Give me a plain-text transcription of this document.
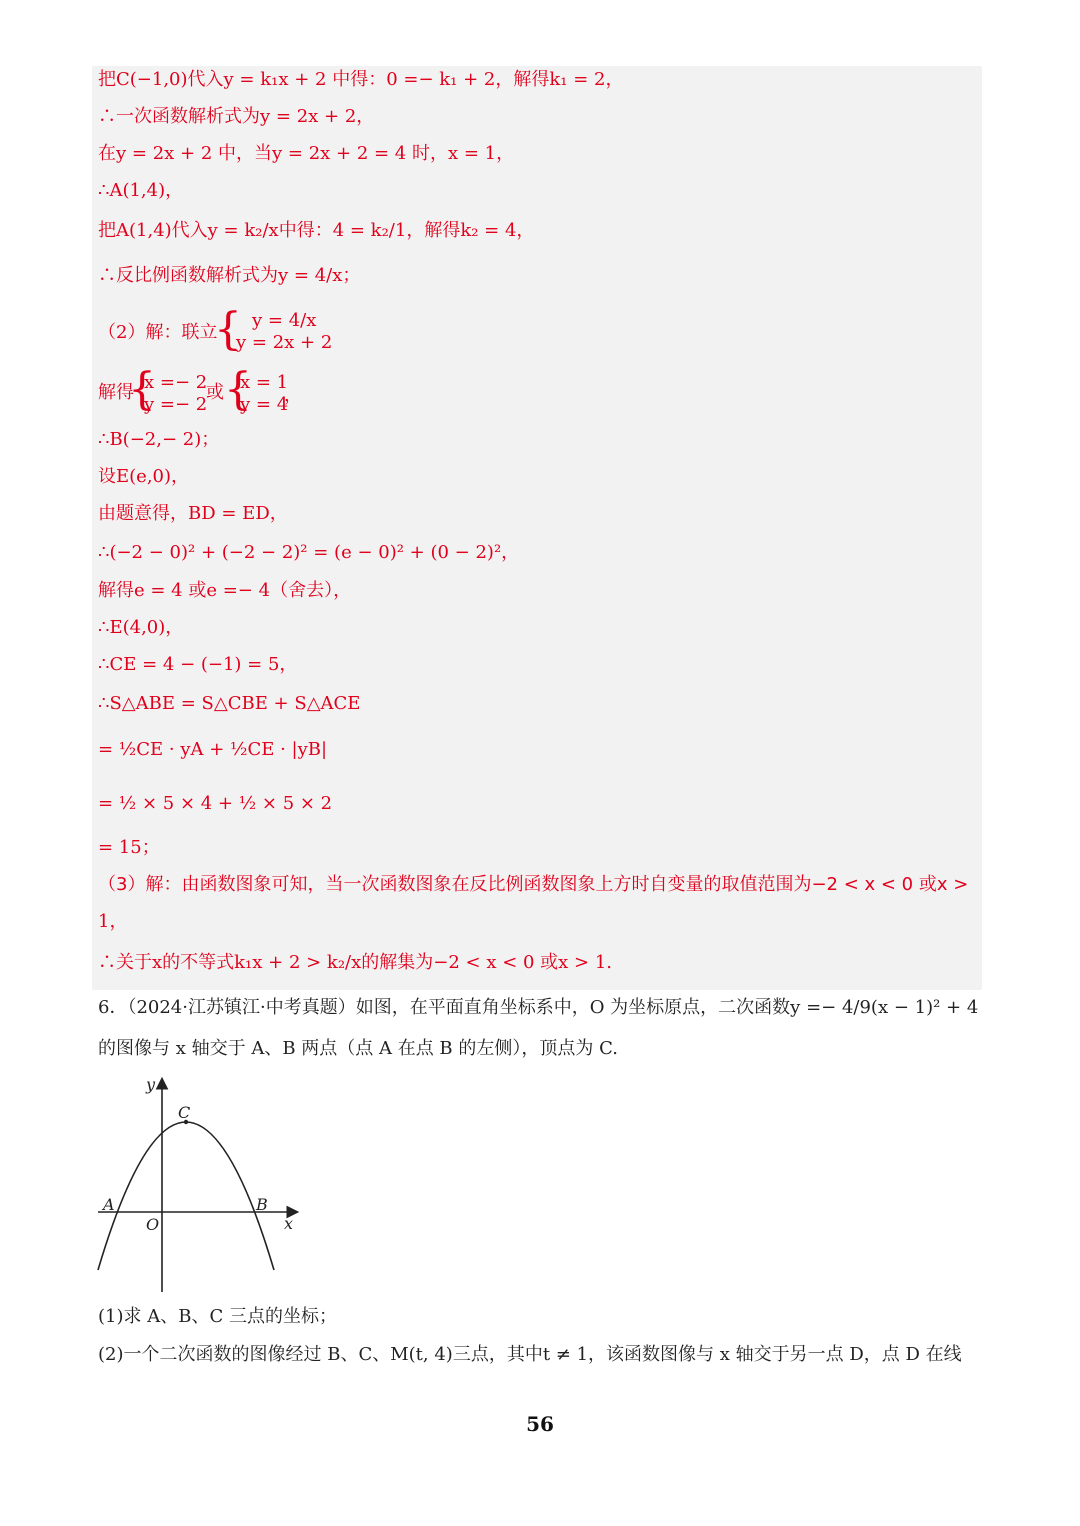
把C(−1,0)代入y = k₁x + 2 中得：0 =− k₁ + 2，解得k₁ = 2，
∴一次函数解析式为y = 2x + 2，
在y = 2x + 2 中，当y = 2x + 2 = 4 时，x = 1，
∴A(1,4)，
把A(1,4)代入y = k₂/x中得：4 = k₂/1，解得k₂ = 4，
∴反比例函数解析式为y = 4/x；
（2）解：联立
{ y = 4/x
y = 2x + 2
解得
{
x =− 2
y =− 2
或 {
x = 1
y = 4
，
∴B(−2,− 2)；
设E(e,0)，
由题意得，BD = ED，
∴(−2 − 0)² + (−2 − 2)² = (e − 0)² + (0 − 2)²，
解得e = 4 或e =− 4（舍去），
∴E(4,0)，
∴CE = 4 − (−1) = 5，
∴S△ABE = S△CBE + S△ACE
= ½CE · yA + ½CE · |yB|
= ½ × 5 × 4 + ½ × 5 × 2
= 15；
（3）解：由函数图象可知，当一次函数图象在反比例函数图象上方时自变量的取值范围为−2 < x < 0 或x >
1，
∴关于x的不等式k₁x + 2 > k₂/x的解集为−2 < x < 0 或x > 1.
6．（2024·江苏镇江·中考真题）如图，在平面直角坐标系中，O 为坐标原点，二次函数y =− 4/9(x − 1)² + 4
的图像与 x 轴交于 A、B 两点（点 A 在点 B 的左侧），顶点为 C.
y
x
O
A	B
C
(1)求 A、B、C 三点的坐标；
(2)一个二次函数的图像经过 B、C、M(t, 4)三点，其中t ≠ 1，该函数图像与 x 轴交于另一点 D，点 D 在线
56
